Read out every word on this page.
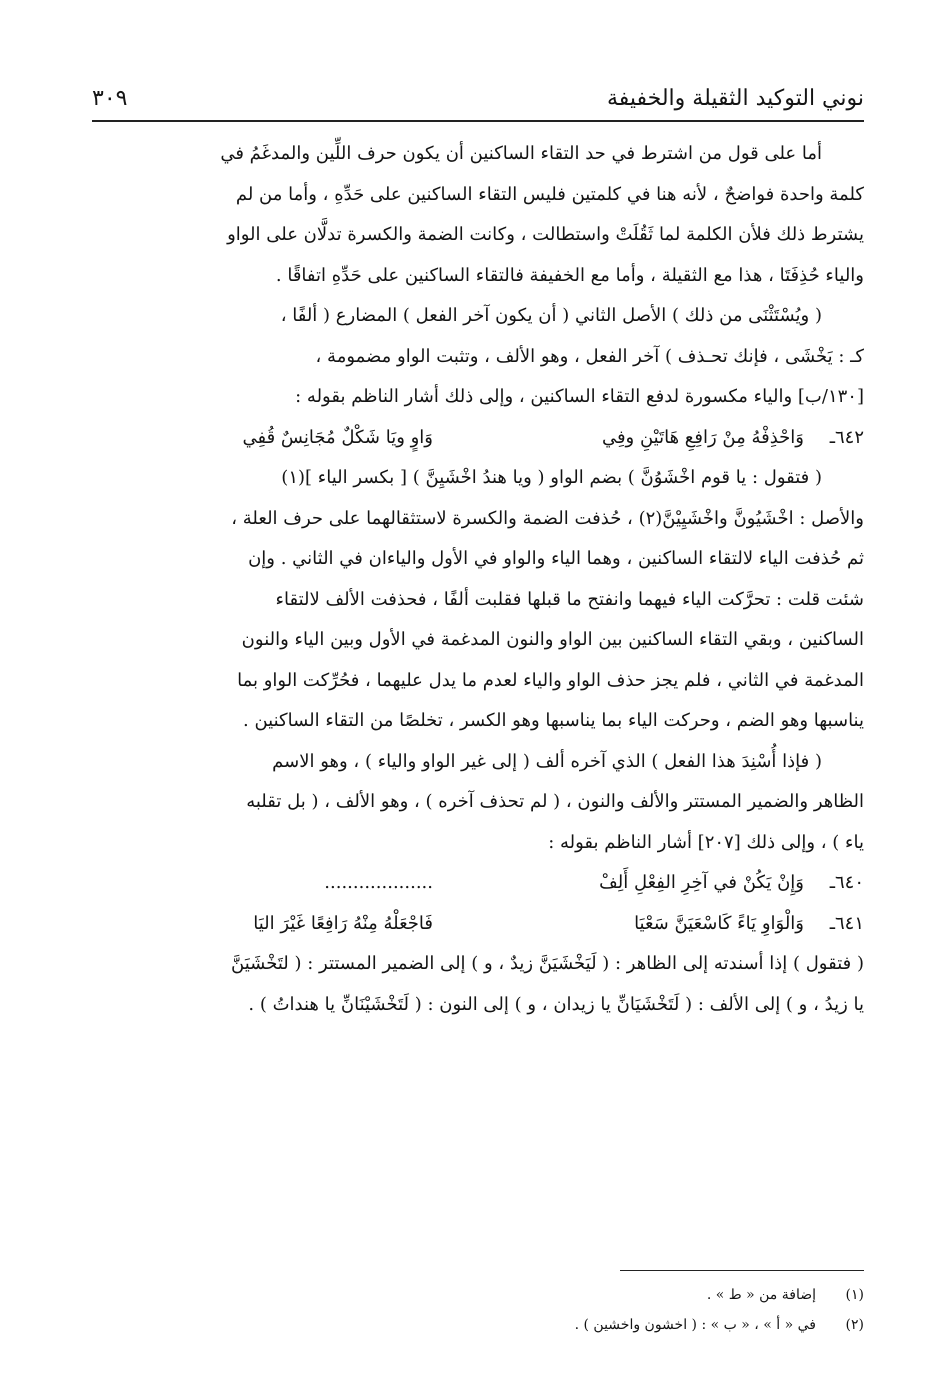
نوني التوكيد الثقيلة والخفيفة
٣٠٩
أما على قول من اشترط في حد التقاء الساكنين أن يكون حرف اللِّين والمدغَمُ في
كلمة واحدة فواضحٌ ، لأنه هنا في كلمتين فليس التقاء الساكنين على حَدِّهِ ، وأما من لم
يشترط ذلك فلأن الكلمة لما ثَقُلَتْ واستطالت ، وكانت الضمة والكسرة تدلَّان على الواو
والياء حُذِفَتَا ، هذا مع الثقيلة ، وأما مع الخفيفة فالتقاء الساكنين على حَدِّهِ اتفاقًا .
( ويُسْتَثْنَى من ذلك ) الأصل الثاني ( أن يكون آخر الفعل ) المضارع ( ألفًا ،
كـ : يَخْشَى ، فإنك تحـذف ) آخر الفعل ، وهو الألف ، وتثبت الواو مضمومة ،
[١٣٠/ب] والياء مكسورة لدفع التقاء الساكنين ، وإلى ذلك أشار الناظم بقوله :
٦٤٢ـ
وَاحْذِفْهُ مِنْ رَافِعِ هَاتَيْنِ وفِي
وَاوٍ ويَا شَكْلٌ مُجَانِسٌ قُفِي
( فتقول : يا قوم اخْشَوُنَّ ) بضم الواو ( ويا هندُ اخْشَيِنَّ ) [ بكسر الياء ](١)
والأصل : اخْشَيُونَّ واخْشَيِيْنَّ(٢) ، حُذفت الضمة والكسرة لاستثقالهما على حرف العلة ،
ثم حُذفت الياء لالتقاء الساكنين ، وهما الياء والواو في الأول والياءان في الثاني . وإن
شئت قلت : تحرَّكت الياء فيهما وانفتح ما قبلها فقلبت ألفًا ، فحذفت الألف لالتقاء
الساكنين ، وبقي التقاء الساكنين بين الواو والنون المدغمة في الأول وبين الياء والنون
المدغمة في الثاني ، فلم يجز حذف الواو والياء لعدم ما يدل عليهما ، فحُرِّكت الواو بما
يناسبها وهو الضم ، وحركت الياء بما يناسبها وهو الكسر ، تخلصًا من التقاء الساكنين .
( فإذا أُسْنِدَ هذا الفعل ) الذي آخره ألف ( إلى غير الواو والياء ) ، وهو الاسم
الظاهر والضمير المستتر والألف والنون ، ( لم تحذف آخره ) ، وهو الألف ، ( بل تقلبه
ياء ) ، وإلى ذلك [٢٠٧] أشار الناظم بقوله :
٦٤٠ـ
وَإِنْ يَكُنْ في آخِرِ الفِعْلِ أَلِفْ
...................
٦٤١ـ
وَالْوَاوِ يَاءً كَاسْعَيَنَّ سَعْيَا
فَاجْعَلْهُ مِنْهُ رَافِعًا غَيْرَ اليَا
( فتقول ) إذا أسندته إلى الظاهر : ( لَيَخْشَيَنَّ زيدٌ ، و ) إلى الضمير المستتر : ( لتَخْشَيَنَّ
يا زيدُ ، و ) إلى الألف : ( لَتَخْشَيَانِّ يا زيدان ، و ) إلى النون : ( لَتَخْشَيْنَانِّ يا هنداتُ ) .
(١)
إضافة من « ط » .
(٢)
في « أ » ، « ب » : ( اخشون واخشين ) .
